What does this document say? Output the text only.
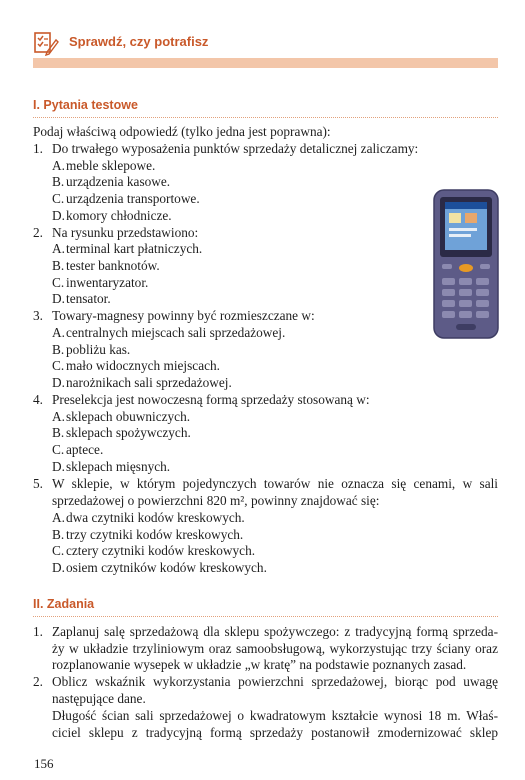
Sprawdź, czy potrafisz
I. Pytania testowe
Podaj właściwą odpowiedź (tylko jedna jest poprawna):
1. Do trwałego wyposażenia punktów sprzedaży detalicznej zaliczamy:
A.meble sklepowe.
B. urządzenia kasowe.
C. urządzenia transportowe.
D.komory chłodnicze.
2. Na rysunku przedstawiono:
A.terminal kart płatniczych.
B. tester banknotów.
C. inwentaryzator.
D.tensator.
3. Towary-magnesy powinny być rozmieszczane w:
A.centralnych miejscach sali sprzedażowej.
B. pobliżu kas.
C. mało widocznych miejscach.
D.narożnikach sali sprzedażowej.
4. Preselekcja jest nowoczesną formą sprzedaży stosowaną w:
A.sklepach obuwniczych.
B. sklepach spożywczych.
C. aptece.
D.sklepach mięsnych.
5. W sklepie, w którym pojedynczych towarów nie oznacza się cenami, w sali
sprzedażowej o powierzchni 820 m², powinny znajdować się:
A.dwa czytniki kodów kreskowych.
B. trzy czytniki kodów kreskowych.
C. cztery czytniki kodów kreskowych.
D.osiem czytników kodów kreskowych.
II. Zadania
1. Zaplanuj salę sprzedażową dla sklepu spożywczego: z tradycyjną formą sprzeda-
ży w układzie trzyliniowym oraz samoobsługową, wykorzystując trzy ściany oraz
rozplanowanie wysepek w układzie „w kratę” na podstawie poznanych zasad.
2. Oblicz wskaźnik wykorzystania powierzchni sprzedażowej, biorąc pod uwagę
następujące dane.
Długość ścian sali sprzedażowej o kwadratowym kształcie wynosi 18 m. Właś-
ciciel sklepu z tradycyjną formą sprzedaży postanowił zmodernizować sklep
156
